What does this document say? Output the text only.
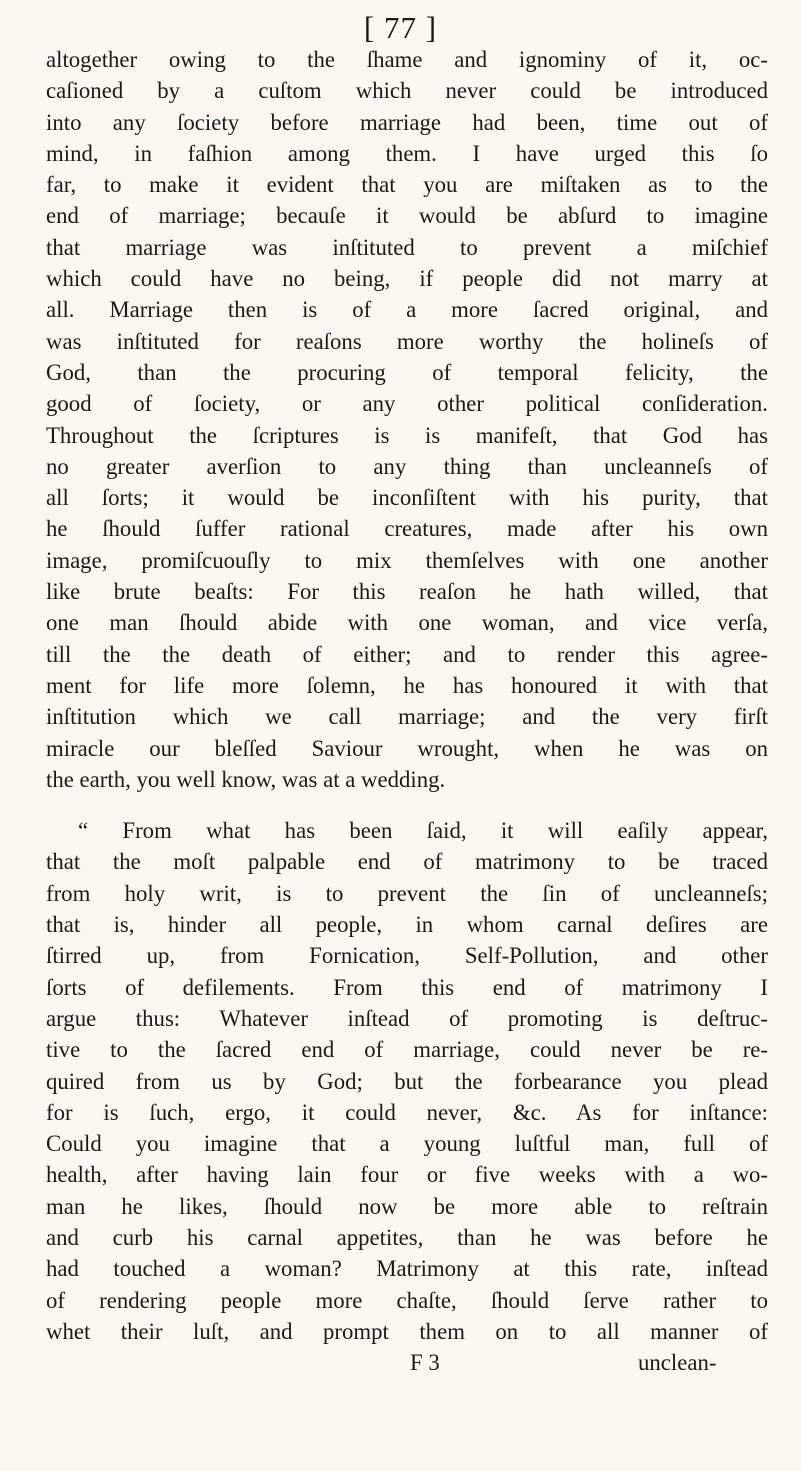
[ 77 ]
altogether owing to the ſhame and ignominy of it, oc-
caſioned by a cuſtom which never could be introduced
into any ſociety before marriage had been, time out of
mind, in faſhion among them. I have urged this ſo
far, to make it evident that you are miſtaken as to the
end of marriage; becauſe it would be abſurd to imagine
that marriage was inſtituted to prevent a miſchief
which could have no being, if people did not marry at
all. Marriage then is of a more ſacred original, and
was inſtituted for reaſons more worthy the holineſs of
God, than the procuring of temporal felicity, the
good of ſociety, or any other political conſideration.
Throughout the ſcriptures is is manifeſt, that God has
no greater averſion to any thing than uncleanneſs of
all ſorts; it would be inconſiſtent with his purity, that
he ſhould ſuffer rational creatures, made after his own
image, promiſcuouſly to mix themſelves with one another
like brute beaſts: For this reaſon he hath willed, that
one man ſhould abide with one woman, and vice verſa,
till the the death of either; and to render this agree-
ment for life more ſolemn, he has honoured it with that
inſtitution which we call marriage; and the very firſt
miracle our bleſſed Saviour wrought, when he was on
the earth, you well know, was at a wedding.
“ From what has been ſaid, it will eaſily appear,
that the moſt palpable end of matrimony to be traced
from holy writ, is to prevent the ſin of uncleanneſs;
that is, hinder all people, in whom carnal deſires are
ſtirred up, from Fornication, Self-Pollution, and other
ſorts of defilements. From this end of matrimony I
argue thus: Whatever inſtead of promoting is deſtruc-
tive to the ſacred end of marriage, could never be re-
quired from us by God; but the forbearance you plead
for is ſuch, ergo, it could never, &c. As for inſtance:
Could you imagine that a young luſtful man, full of
health, after having lain four or five weeks with a wo-
man he likes, ſhould now be more able to reſtrain
and curb his carnal appetites, than he was before he
had touched a woman? Matrimony at this rate, inſtead
of rendering people more chaſte, ſhould ſerve rather to
whet their luſt, and prompt them on to all manner of
F 3	unclean-
